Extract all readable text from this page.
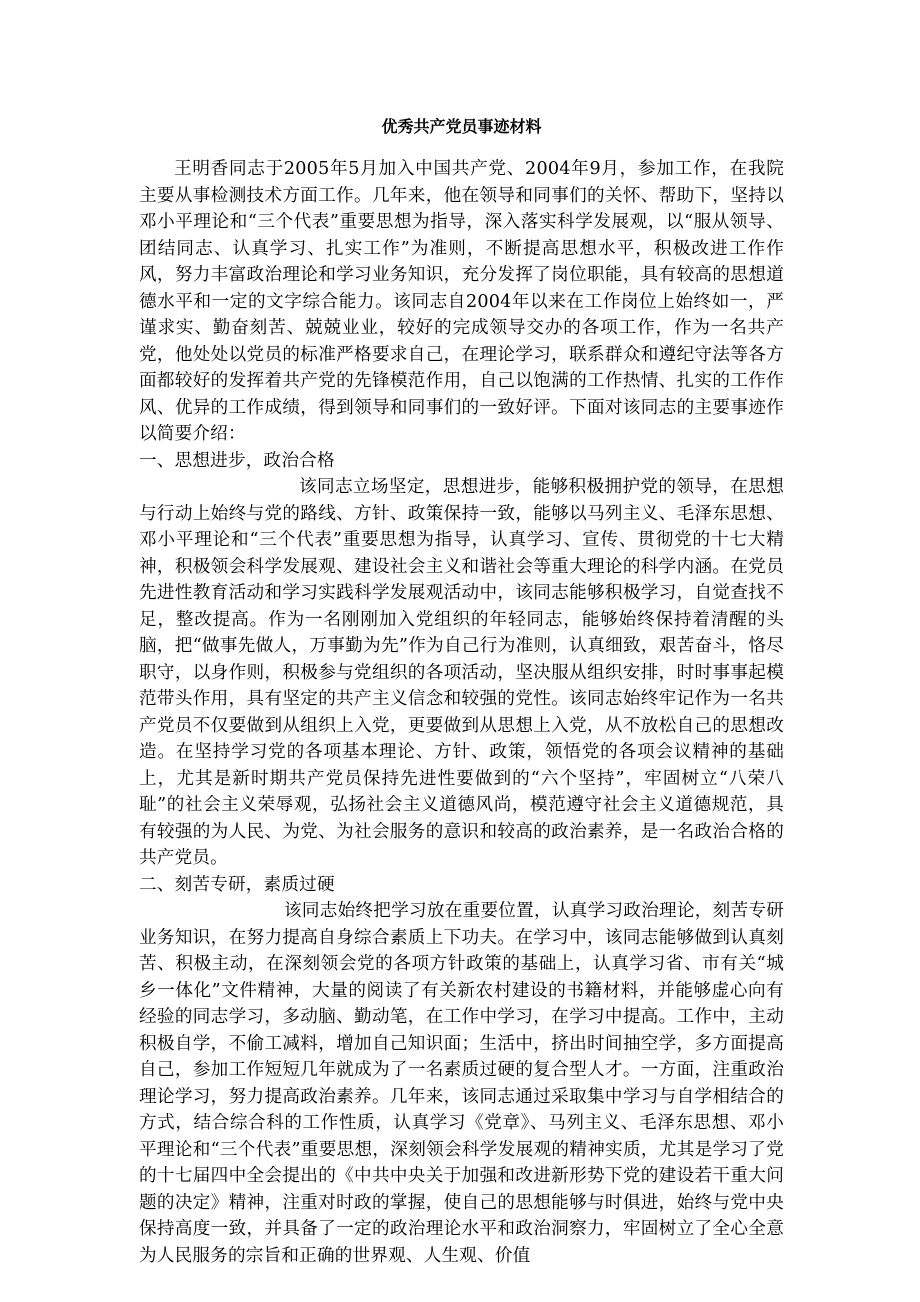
优秀共产党员事迹材料

王明香同志于2005年5月加入中国共产党、2004年9月，参加工作，在我院主要从事检测技术方面工作。几年来，他在领导和同事们的关怀、帮助下，坚持以邓小平理论和“三个代表”重要思想为指导，深入落实科学发展观，以“服从领导、团结同志、认真学习、扎实工作”为准则，不断提高思想水平，积极改进工作作风，努力丰富政治理论和学习业务知识，充分发挥了岗位职能，具有较高的思想道德水平和一定的文字综合能力。该同志自2004年以来在工作岗位上始终如一，严谨求实、勤奋刻苦、兢兢业业，较好的完成领导交办的各项工作，作为一名共产党，他处处以党员的标准严格要求自己，在理论学习，联系群众和遵纪守法等各方面都较好的发挥着共产党的先锋模范作用，自己以饱满的工作热情、扎实的工作作风、优异的工作成绩，得到领导和同事们的一致好评。下面对该同志的主要事迹作以简要介绍：

一、思想进步，政治合格

该同志立场坚定，思想进步，能够积极拥护党的领导，在思想与行动上始终与党的路线、方针、政策保持一致，能够以马列主义、毛泽东思想、邓小平理论和“三个代表”重要思想为指导，认真学习、宣传、贯彻党的十七大精神，积极领会科学发展观、建设社会主义和谐社会等重大理论的科学内涵。在党员先进性教育活动和学习实践科学发展观活动中，该同志能够积极学习，自觉查找不足，整改提高。作为一名刚刚加入党组织的年轻同志，能够始终保持着清醒的头脑，把“做事先做人，万事勤为先”作为自己行为准则，认真细致，艰苦奋斗，恪尽职守，以身作则，积极参与党组织的各项活动，坚决服从组织安排，时时事事起模范带头作用，具有坚定的共产主义信念和较强的党性。该同志始终牢记作为一名共产党员不仅要做到从组织上入党，更要做到从思想上入党，从不放松自己的思想改造。在坚持学习党的各项基本理论、方针、政策，领悟党的各项会议精神的基础上，尤其是新时期共产党员保持先进性要做到的“六个坚持”，牢固树立“八荣八耻”的社会主义荣辱观，弘扬社会主义道德风尚，模范遵守社会主义道德规范，具有较强的为人民、为党、为社会服务的意识和较高的政治素养，是一名政治合格的共产党员。

二、刻苦专研，素质过硬

该同志始终把学习放在重要位置，认真学习政治理论，刻苦专研业务知识，在努力提高自身综合素质上下功夫。在学习中，该同志能够做到认真刻苦、积极主动，在深刻领会党的各项方针政策的基础上，认真学习省、市有关“城乡一体化”文件精神，大量的阅读了有关新农村建设的书籍材料，并能够虚心向有经验的同志学习，多动脑、勤动笔，在工作中学习，在学习中提高。工作中，主动积极自学，不偷工减料，增加自己知识面；生活中，挤出时间抽空学，多方面提高自己，参加工作短短几年就成为了一名素质过硬的复合型人才。一方面，注重政治理论学习，努力提高政治素养。几年来，该同志通过采取集中学习与自学相结合的方式，结合综合科的工作性质，认真学习《党章》、马列主义、毛泽东思想、邓小平理论和“三个代表”重要思想，深刻领会科学发展观的精神实质，尤其是学习了党的十七届四中全会提出的《中共中央关于加强和改进新形势下党的建设若干重大问题的决定》精神，注重对时政的掌握，使自己的思想能够与时俱进，始终与党中央保持高度一致，并具备了一定的政治理论水平和政治洞察力，牢固树立了全心全意为人民服务的宗旨和正确的世界观、人生观、价值
